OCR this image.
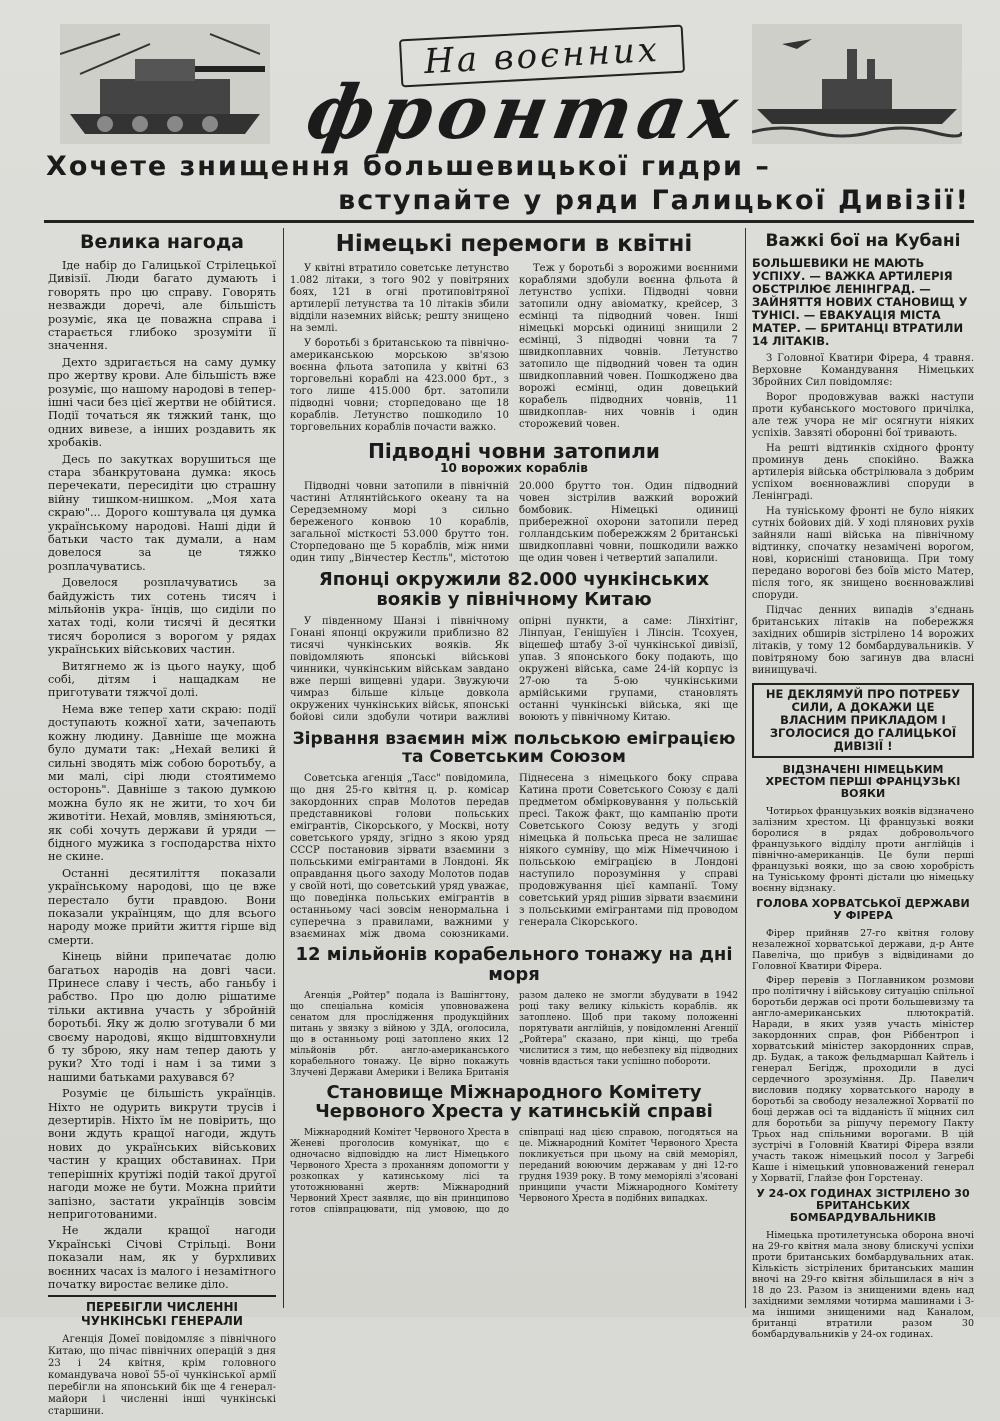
На воєнних
фронтах
Хочете знищення большевицької гидри –
вступайте у ряди Галицької Дивізії!
Велика нагода

Іде набір до Галицької Стрілецької Дивізії. Люди багато думають і говорять про цю справу. Говорять незважди доречі, але більшість розуміє, яка це поважна справа і старається глибоко зрозуміти її значення.

Дехто здригається на саму думку про жертву крови. Але більшість вже розуміє, що нашому народові в тепер- ішні часи без цієї жертви не обійтися. Події точаться як тяжкий танк, що одних вивезе, а інших роздавить як хробаків.

Десь по закутках ворушиться ще стара збанкрутована думка: якось перечекати, пересидіти цю страшну війну тишком-нишком. „Моя хата скраю"... Дорого коштувала ця думка українському народові. Наші діди й батьки часто так думали, а нам довелося за це тяжко розплачуватись.

Довелося розплачуватись за байдужість тих сотень тисяч і мільйонів укра- їнців, що сиділи по хатах тоді, коли тисячі й десятки тисяч боролися з ворогом у рядах українських військових частин.

Витягнемо ж із цього науку, щоб собі, дітям і нащадкам не приготувати тяжчої долі.

Нема вже тепер хати скраю: події доступають кожної хати, зачепають кожну людину. Давніше ще можна було думати так: „Нехай великі й сильні зводять між собою боротьбу, а ми малі, сірі люди стоятимемо осторонь". Давніше з такою думкою можна було як не жити, то хоч би животіти. Нехай, мовляв, зміняються, як собі хочуть держави й уряди — бідного мужика з господарства ніхто не скине.

Останні десятиліття показали українському народові, що це вже перестало бути правдою. Вони показали українцям, що для всього народу може прийти життя гірше від смерти.

Кінець війни припечатає долю багатьох народів на довгі часи. Принесе славу і честь, або ганьбу і рабство. Про цю долю рішатиме тільки активна участь у збройній боротьбі. Яку ж долю зготували б ми своєму народові, якщо відштовхнули б ту зброю, яку нам тепер дають у руки? Хто тоді і нам і за тими з нашими батьками рахувався б?

Розуміє це більшість українців. Ніхто не одурить викрути трусів і дезертирів. Ніхто їм не повірить, що вони ждуть кращої нагоди, ждуть нових до українських військових частин у кращих обставинах. При теперішніх крутіжі подій такої другої нагоди може не бути. Можна прийти запізно, застати українців зовсім неприготованими.

Не ждали кращої нагоди Українські Січові Стрільці. Вони показали нам, як у бурхливих воєнних часах із малого і незамітного початку виростає велике діло.

ПЕРЕБІГЛИ ЧИСЛЕННІ ЧУНКІНСЬКІ ГЕНЕРАЛИ

Агенція Домеї повідомляє з північного Китаю, що пiчас північних операцій з дня 23 і 24 квітня, крім головного командувача нової 55-ої чункінської армії перебігли на японський бік ще 4 генерал-майори і численні інші чункінські старшини.

Німецькі перемоги в квітні

У квітні втратило советське летунство 1.082 літаки, з того 902 у повітряних боях, 121 в огні протиповітряної артилерії летунства та 10 літаків збили відділи наземних військ; решту знищено на землі.

У боротьбі з британською та північно-американською морською зв'язою воєнна фльота затопила у квітні 63 торговельні кораблі на 423.000 брт., з того лише 415.000 брт. затопили підводні човни; сторпедовано ще 18 кораблів. Летунство пошкодило 10 торговельних кораблів почасти важко.

Теж у боротьбі з ворожими воєнними кораблями здобули воєнна фльота й летунство успіхи. Підводні човни затопили одну авіоматку, крейсер, 3 есмінці та підводний човен. Інші німецькі морські одиниці знищили 2 есмінці, 3 підводні човни та 7 швидкоплавних човнів. Летунство затопило ще підводний човен та один швидкоплавний човен. Пошкоджено два ворожі есмінці, один довецький корабель підводних човнів, 11 швидкоплав- них човнів і один сторожевий човен.

Підводні човни затопили
10 ворожих кораблів

Підводні човни затопили в північній частині Атлянтійського океану та на Середземному морі з сильно береженого конвою 10 кораблів, загальної місткості 53.000 брутто тон. Сторпедовано ще 5 кораблів, між ними один типу „Вінчестер Кестль", містотою 20.000 брутто тон. Один підводний човен зістрілив важкий ворожий бомбовик. Німецькі одиниці прибережної охорони затопили перед голландським побережжям 2 британські швидкоплавні човни, пошкодили важко ще один човен і четвертий запалили.

Японці окружили 82.000 чункінських вояків у північному Китаю

У південному Шанзі і північному Гонані японці окружили приблизно 82 тисячі чункінських вояків. Як повідомляють японські військові чинники, чункінським військам завдано вже перші вищевні удари. Звужуючи чимраз більше кільце довкола окружених чункінських військ, японські бойові сили здобули чотири важливі опірні пункти, а саме: Лінхітінг, Лінпуан, Генішуїєн і Лінсін. Тсохуен, віцешеф штабу 3-ої чункінської дивізії, упав. З японського боку подають, що окружені війська, саме 24-ій корпус із 27-ою та 5-ою чункінськими армійськими групами, становлять останні чункінські війська, які ще воюють у північному Китаю.

Зірвання взаємин між польською еміграцією та Советським Союзом

Советська агенція „Тасс" повідомила, що дня 25-го квітня ц. р. комісар закордонних справ Молотов передав представникові голови польських емігрантів, Сікорського, у Москві, ноту советського уряду, згідно з якою уряд СССР постановив зірвати взаємини з польськими емігрантами в Лондоні. Як оправдання цього заходу Молотов подав у своїй ноті, що советський уряд уважає, що поведінка польських емігрантів в останньому часі зовсім ненормальна і суперечна з правилами, важними у взаєминах між двома союзниками. Піднесена з німецького боку справа Катина проти Советського Союзу є далі предметом обмірковування у польській пресі. Також факт, що кампанію проти Советського Союзу ведуть у згоді німецька й польська преса не залишає ніякого сумніву, що між Німеччиною і польською еміграцією в Лондоні наступило порозуміння у справі продовжування цієї кампанії. Тому советський уряд рішив зірвати взаємини з польськими емігрантами під проводом генерала Сікорського.

12 мільйонів корабельного тонажу на дні моря

Агенція „Ройтер" подала із Вашінгтону, що спеціальна комісія уповноважена сенатом для прослідження продукційних питань у звязку з війною у ЗДА, оголосила, що в останньому році затоплено яких 12 мільйонів рбт. англо-американського корабельного тонажу. Це вірно покажуть Злучені Держави Америки і Велика Британія разом далеко не змогли збудувати в 1942 році таку велику кількість кораблів. як затоплено. Щоб при такому положенні порятувати англійців, у повідомленні Агенції „Ройтера" сказано, при кінці, що треба числитися з тим, що небезпеку від підводних човнів вдасться таки успішно побороти.

Становище Міжнародного Комітету Червоного Хреста у катинській справі

Міжнародний Комітет Червоного Хреста в Женеві проголосив комунікат, що є одночасно відповіддю на лист Німецького Червоного Хреста з проханням допомогти у розкопках у катинському лісі та утотожнюванні жертв: Міжнародний Червоний Хрест заявляє, що він принципово готов співпрацювати, під умовою, що до співпраці над цією справою, погодяться на це. Міжнародний Комітет Червоного Хреста покликується при цьому на свій меморіял, переданий воюючим державам у дні 12-го грудня 1939 року. В тому меморіялі з'ясовані принципи участи Міжнародного Комітету Червоного Хреста в подібних випадках.

Важкі бої на Кубані
БОЛЬШЕВИКИ НЕ МАЮТЬ УСПІХУ. — ВАЖКА АРТИЛЕРІЯ ОБСТРІЛЮЄ ЛЕНІНГРАД. — ЗАЙНЯТТЯ НОВИХ СТАНОВИЩ У ТУНІСІ. — ЕВАКУАЦІЯ МІСТА МАТЕР. — БРИТАНЦІ ВТРАТИЛИ 14 ЛІТАКІВ.

З Головної Кватири Фірера, 4 травня. Верховне Командування Німецьких Збройних Сил повідомляє:

Ворог продовжував важкі наступи проти кубанського мостового причілка, але теж учора не міг осягнути ніяких успіхів. Завзяті оборонні бої тривають.

На решті відтинків східного фронту проминув день спокійно. Важка артилерія війська обстрілювала з добрим успіхом воєнноважливі споруди в Ленінграді.

На туніському фронті не було ніяких сутніх бойових дій. У ході плянових рухів зайняли наші війська на північному відтинку, спочатку незамічені ворогом, нові, корисніші становища. При тому передано ворогові без боїв місто Матер, після того, як знищено воєнноважливі споруди.

Підчас денних випадів з'єднань британських літаків на побережжя західних обширів зістрілено 14 ворожих літаків, у тому 12 бомбардувальників. У повітряному бою загинув два власні винищувачі.

НЕ ДЕКЛЯМУЙ ПРО ПОТРЕБУ СИЛИ, А ДОКАЖИ ЦЕ ВЛАСНИМ ПРИКЛАДОМ І ЗГОЛОСИСЯ ДО ГАЛИЦЬКОЇ ДИВІЗІЇ !
ВІДЗНАЧЕНІ НІМЕЦЬКИМ ХРЕСТОМ ПЕРШІ ФРАНЦУЗЬКІ ВОЯКИ

Чотирьох французьких вояків відзначено залізним хрестом. Ці французькі вояки боролися в рядах добровольчого французького відділу проти англійців і північно-американців. Це були перші французькі вояки, що за свою хоробрість на Туніському фронті дістали цю німецьку воєнну відзнаку.

ГОЛОВА ХОРВАТСЬКОЇ ДЕРЖАВИ У ФІРЕРА

Фірер прийняв 27-го квітня голову незалежної хорватської держави, д-р Анте Павеліча, що прибув з відвідинами до Головної Кватири Фірера.

Фірер перевів з Поглавником розмови про політичну і військову ситуацію спільної боротьби держав осі проти большевизму та англо-американських плютократій. Наради, в яких узяв участь міністер закордонних справ, фон Ріббентроп і хорватський міністер закордонних справ, др. Будак, а також фельдмаршал Кайтель і генерал Бегідж, проходили в дусі сердечного зрозуміння. Др. Павелич висловив подяку хорватського народу в боротьбі за свободу незалежної Хорватії по боці держав осі та відданість її міцних сил для боротьби за рішучу перемогу Пакту Трьох над спільними ворогами. В цій зустрічі в Головній Кватирі Фірера взяли участь також німецький посол у Загребі Каше і німецький уповноважений генерал у Хорватії, Глайзе фон Горстенау.

У 24-ОХ ГОДИНАХ ЗІСТРІЛЕНО 30 БРИТАНСЬКИХ БОМБАРДУВАЛЬНИКІВ

Німецька протилетунська оборона вночі на 29-го квітня мала знову блискучі успіхи проти британських бомбардувальних атак. Кількість зістрілених британських машин вночі на 29-го квітня збільшилася в ніч з 18 до 23. Разом із знищеними вдень над західними землями чотирма машинами і 3-ма іншими знищеними над Каналом, британці втратили разом 30 бомбардувальників у 24-ох годинах.
